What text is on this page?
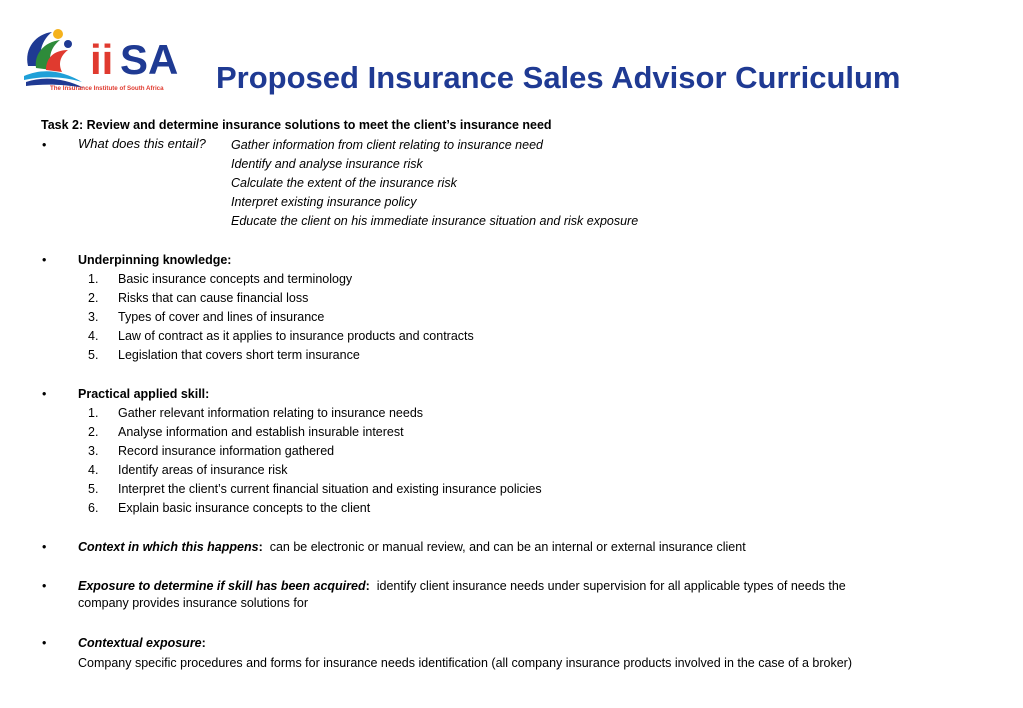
ii SA
The Insurance Institute of South Africa Proposed Insurance Sales Advisor Curriculum
Task 2: Review and determine insurance solutions to meet the client’s insurance need
• What does this entail? Gather information from client relating to insurance need
Identify and analyse insurance risk
Calculate the extent of the insurance risk
Interpret existing insurance policy
Educate the client on his immediate insurance situation and risk exposure
•	Underpinning knowledge:
1. Basic insurance concepts and terminology
2. Risks that can cause financial loss
3. Types of cover and lines of insurance
4. Law of contract as it applies to insurance products and contracts
5. Legislation that covers short term insurance
•	Practical applied skill:
1. Gather relevant information relating to insurance needs
2. Analyse information and establish insurable interest
3. Record insurance information gathered
4. Identify areas of insurance risk
5. Interpret the client’s current financial situation and existing insurance policies
6. Explain basic insurance concepts to the client
•	Context in which this happens:  can be electronic or manual review, and can be an internal or external insurance client
•	Exposure to determine if skill has been acquired:  identify client insurance needs under supervision for all applicable types of needs the
company provides insurance solutions for
•	Contextual exposure:
Company specific procedures and forms for insurance needs identification (all company insurance products involved in the case of a broker)
